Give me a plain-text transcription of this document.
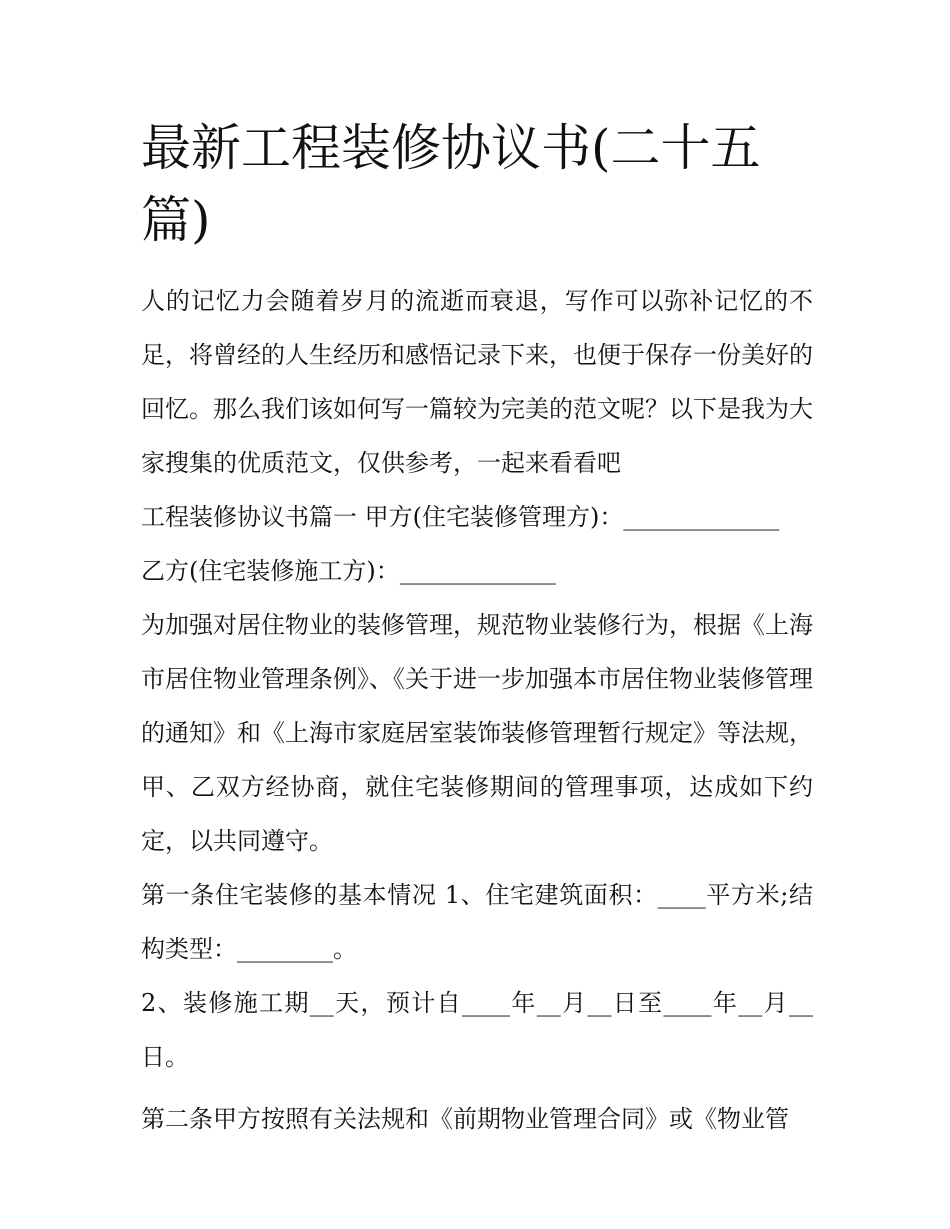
最新工程装修协议书(二十五篇)

人的记忆力会随着岁月的流逝而衰退，写作可以弥补记忆的不足，将曾经的人生经历和感悟记录下来，也便于保存一份美好的回忆。那么我们该如何写一篇较为完美的范文呢？以下是我为大家搜集的优质范文，仅供参考，一起来看看吧

工程装修协议书篇一 甲方(住宅装修管理方)：_____________

乙方(住宅装修施工方)：_____________

为加强对居住物业的装修管理，规范物业装修行为，根据《上海市居住物业管理条例》、《关于进一步加强本市居住物业装修管理的通知》和《上海市家庭居室装饰装修管理暂行规定》等法规，甲、乙双方经协商，就住宅装修期间的管理事项，达成如下约定，以共同遵守。

第一条住宅装修的基本情况 1、住宅建筑面积：____平方米;结构类型：________。

2、装修施工期__天，预计自____年__月__日至____年__月__日。

第二条甲方按照有关法规和《前期物业管理合同》或《物业管
